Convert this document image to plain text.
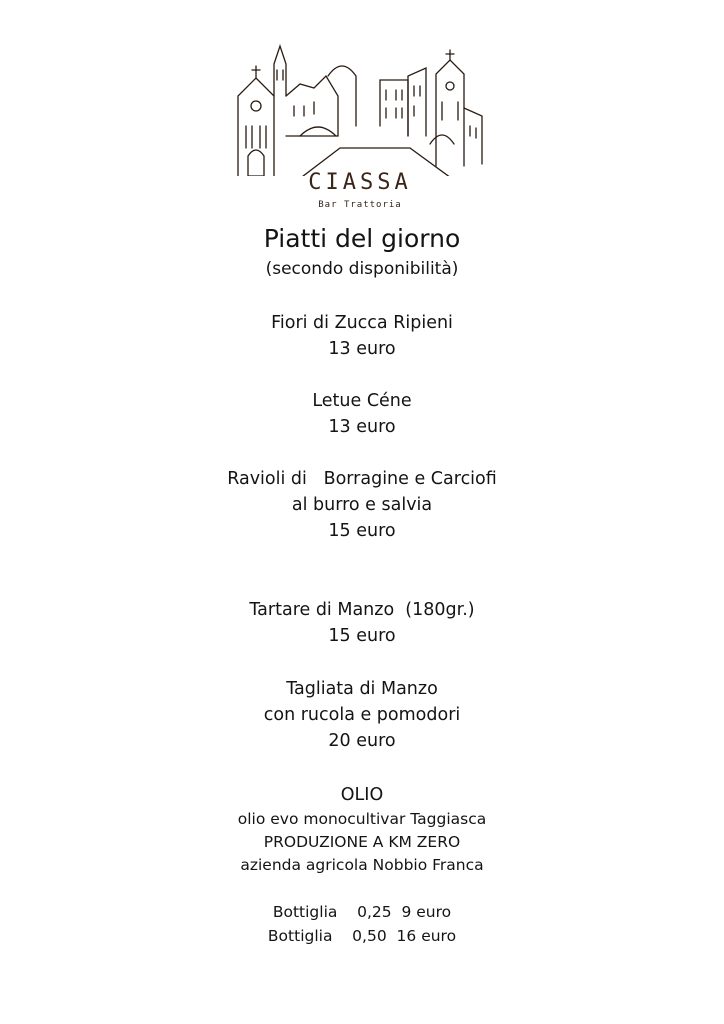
CIASSA
Bar Trattoria
Piatti del giorno
(secondo disponibilità)
Fiori di Zucca Ripieni
13 euro
Letue Céne
13 euro
Ravioli di   Borragine e Carciofi
al burro e salvia
15 euro
Tartare di Manzo  (180gr.)
15 euro
Tagliata di Manzo
con rucola e pomodori
20 euro
OLIO
olio evo monocultivar Taggiasca
PRODUZIONE A KM ZERO
azienda agricola Nobbio Franca
Bottiglia 0,25 9 euro
Bottiglia 0,50 16 euro
